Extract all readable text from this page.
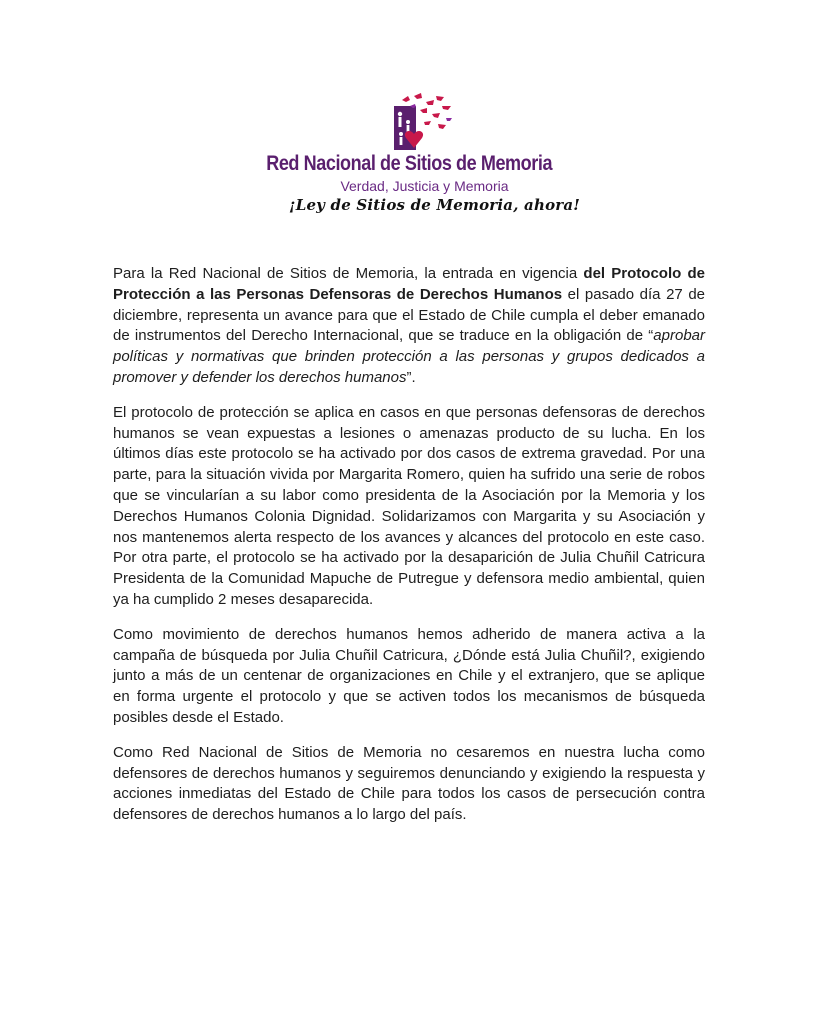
Red Nacional de Sitios de Memoria
Verdad, Justicia y Memoria
¡Ley de Sitios de Memoria, ahora!

Para la Red Nacional de Sitios de Memoria, la entrada en vigencia del Protocolo de Protección a las Personas Defensoras de Derechos Humanos el pasado día 27 de diciembre, representa un avance para que el Estado de Chile cumpla el deber emanado de instrumentos del Derecho Internacional, que se traduce en la obligación de “aprobar políticas y normativas que brinden protección a las personas y grupos dedicados a promover y defender los derechos humanos”.

El protocolo de protección se aplica en casos en que personas defensoras de derechos humanos se vean expuestas a lesiones o amenazas producto de su lucha. En los últimos días este protocolo se ha activado por dos casos de extrema gravedad. Por una parte, para la situación vivida por Margarita Romero, quien ha sufrido una serie de robos que se vincularían a su labor como presidenta de la Asociación por la Memoria y los Derechos Humanos Colonia Dignidad. Solidarizamos con Margarita y su Asociación y nos mantenemos alerta respecto de los avances y alcances del protocolo en este caso. Por otra parte, el protocolo se ha activado por la desaparición de Julia Chuñil Catricura Presidenta de la Comunidad Mapuche de Putregue y defensora medio ambiental, quien ya ha cumplido 2 meses desaparecida.

Como movimiento de derechos humanos hemos adherido de manera activa a la campaña de búsqueda por Julia Chuñil Catricura, ¿Dónde está Julia Chuñil?, exigiendo junto a más de un centenar de organizaciones en Chile y el extranjero, que se aplique en forma urgente el protocolo y que se activen todos los mecanismos de búsqueda posibles desde el Estado.

Como Red Nacional de Sitios de Memoria no cesaremos en nuestra lucha como defensores de derechos humanos y seguiremos denunciando y exigiendo la respuesta y acciones inmediatas del Estado de Chile para todos los casos de persecución contra defensores de derechos humanos a lo largo del país.
